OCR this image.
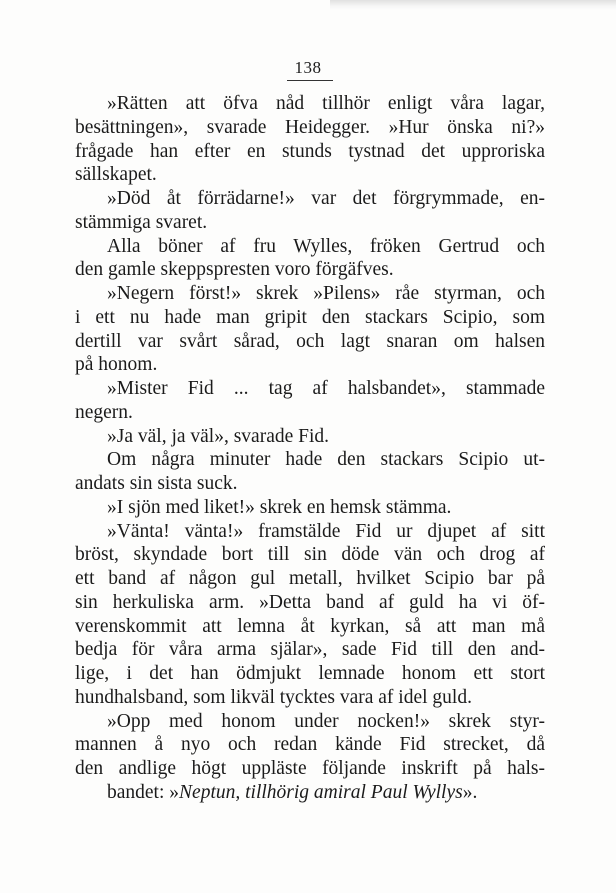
138
»Rätten att öfva nåd tillhör enligt våra lagar,
besättningen», svarade Heidegger. »Hur önska ni?»
frågade han efter en stunds tystnad det upproriska
sällskapet.
»Död åt förrädarne!» var det förgrymmade, en-
stämmiga svaret.
Alla böner af fru Wylles, fröken Gertrud och
den gamle skeppspresten voro förgäfves.
»Negern först!» skrek »Pilens» råe styrman, och
i ett nu hade man gripit den stackars Scipio, som
dertill var svårt sårad, och lagt snaran om halsen
på honom.
»Mister Fid ... tag af halsbandet», stammade
negern.
»Ja väl, ja väl», svarade Fid.
Om några minuter hade den stackars Scipio ut-
andats sin sista suck.
»I sjön med liket!» skrek en hemsk stämma.
»Vänta! vänta!» framstälde Fid ur djupet af sitt
bröst, skyndade bort till sin döde vän och drog af
ett band af någon gul metall, hvilket Scipio bar på
sin herkuliska arm. »Detta band af guld ha vi öf-
verenskommit att lemna åt kyrkan, så att man må
bedja för våra arma själar», sade Fid till den and-
lige, i det han ödmjukt lemnade honom ett stort
hundhalsband, som likväl tycktes vara af idel guld.
»Opp med honom under nocken!» skrek styr-
mannen å nyo och redan kände Fid strecket, då
den andlige högt uppläste följande inskrift på hals-
bandet: »Neptun, tillhörig amiral Paul Wyllys».
